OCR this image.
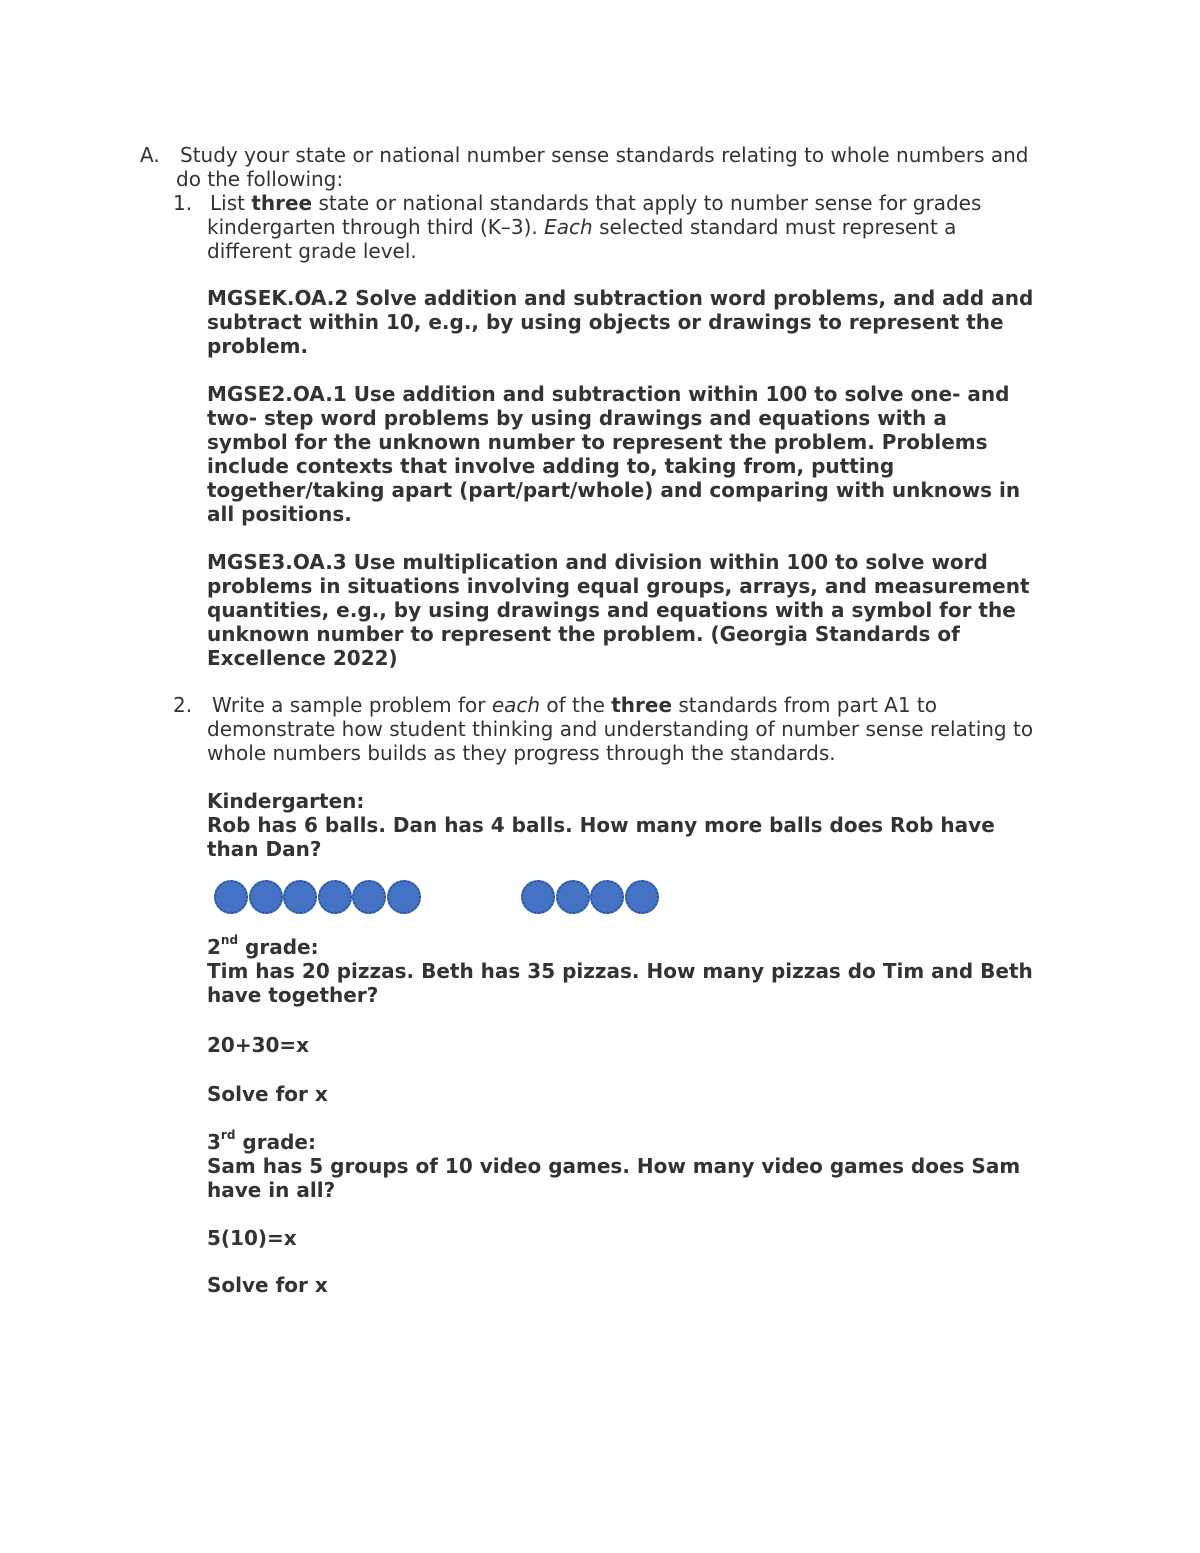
A. Study your state or national number sense standards relating to whole numbers and
do the following:
1. List three state or national standards that apply to number sense for grades
kindergarten through third (K–3). Each selected standard must represent a
different grade level.
MGSEK.OA.2 Solve addition and subtraction word problems, and add and
subtract within 10, e.g., by using objects or drawings to represent the
problem.
MGSE2.OA.1 Use addition and subtraction within 100 to solve one- and
two- step word problems by using drawings and equations with a
symbol for the unknown number to represent the problem. Problems
include contexts that involve adding to, taking from, putting
together/taking apart (part/part/whole) and comparing with unknows in
all positions.
MGSE3.OA.3 Use multiplication and division within 100 to solve word
problems in situations involving equal groups, arrays, and measurement
quantities, e.g., by using drawings and equations with a symbol for the
unknown number to represent the problem. (Georgia Standards of
Excellence 2022)
2. Write a sample problem for each of the three standards from part A1 to
demonstrate how student thinking and understanding of number sense relating to
whole numbers builds as they progress through the standards.
Kindergarten:
Rob has 6 balls. Dan has 4 balls. How many more balls does Rob have
than Dan?
2nd grade:
Tim has 20 pizzas. Beth has 35 pizzas. How many pizzas do Tim and Beth
have together?
20+30=x
Solve for x
3rd grade:
Sam has 5 groups of 10 video games. How many video games does Sam
have in all?
5(10)=x
Solve for x
